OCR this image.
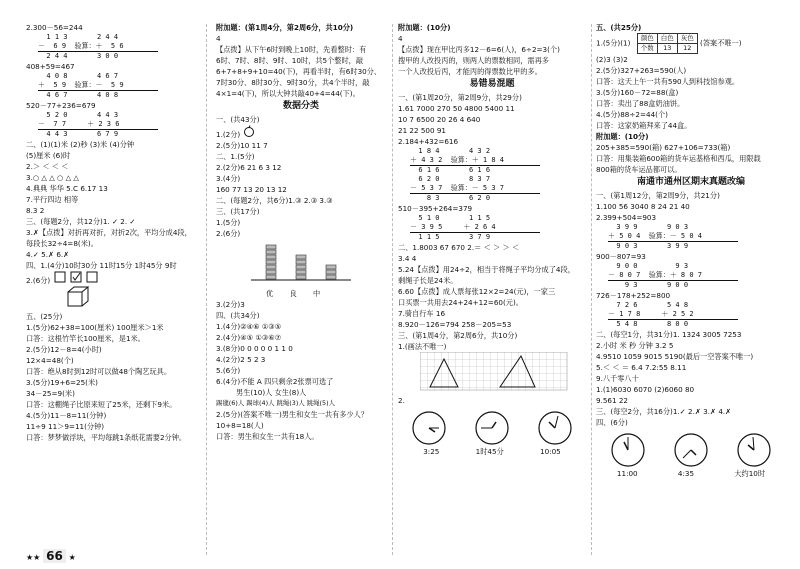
2.300－56=244
1 1 3       2 4 4
－  6 9  验算：＋  5 6
2 4 4       3 0 0
408+59=467
4 0 8       4 6 7
＋  5 9  验算：－  5 9
4 6 7       4 0 8
520－77+236=679
5 2 0       4 4 3
－  7 7     ＋ 2 3 6
4 4 3       6 7 9
二、(1)(1)米 (2)秒 (3)米 (4)分钟
(5)厘米 (6)时
2.＞ ＜ ＜ ＜
3.○ △ △ ○ △ △
4.典典 华华 5.C 6.17 13
7.平行四边 相等
8.3 2
三、(每题2分，共12分)1. ✓ 2. ✓
3.✗【点拨】对折再对折，对折2次，平均分成4段，
每段长32÷4=8(米)。
4.✓ 5.✗ 6.✗
四、1.(4分)10时30分 11时15分 1时45分 9时
2.(6分)
五、(25分)
1.(5分)62+38=100(厘米) 100厘米＞1米
口答：这根竹竿长100厘米，是1米。
2.(5分)12－8=4(小时)
12×4=48(个)
口答：绝从8时到12时可以做48个陶艺玩具。
3.(5分)19+6=25(米)
34－25=9(米)
口答：这棚绳子比原来短了25米，还剩下9米。
4.(5分)11－8=11(分钟)
11÷9 11＞9=11(分钟)
口答：梦梦做浮块，平均每跳1条纸花需要2分钟。
附加题：(第1周4分，第2周6分，共10分)
4
【点拨】从下午6时到晚上10时，先看整时：有
6时、7时、8时、9时、10时，共5个整时，敲
6+7+8+9+10=40(下)，再看半时，有6时30分、
7时30分、8时30分、9时30分，共4个半时，敲
4×1=4(下)，所以大钟共敲40+4=44(下)。
数据分类
一、(共43分)
1.(2分)
2.(5分)10 11 7
二、1.(5分)
2.(2分)6 21 6 3 12
3.(4分)
160 77 13 20 13 12
二、(每题2分，共6分)1.③ 2.③ 3.③
三、(共17分)
1.(5分)
2.(6分)
优 良 中
3.(2分)3
四、(共34分)
1.(4分)②④⑥ ①③⑤
2.(4分)④⑤ ①③⑥⑦
3.(8分)0 0 0 0 0 1 1 0
4.(2分)2 5 2 3
5.(6分)
6.(4分)不能 A 四只剩余2张票可选了
男生(10)人 女生(8)人
踢毽(6)人 踢球(4)人 跳绳(3)人 跳绳(5)人
2.(5分)(答案不唯一)男生和女生一共有多少人？
10+8=18(人)
口答：男生和女生一共有18人。
附加题：(10分)
4
【点拨】现在甲比丙多12－6=6(人)，6÷2=3(个)
搜甲的人改投丙的，则两人的票数相同，需再多
一个人改投后丙，才能丙的得票数比甲的多。
易错易混题
一、(第1周20分，第2周9分，共29分)
1.61 7000 270 50 4800 5400 11
10 7 6500 20 26 4 640
21 22 500 91
2.184+432=616
1 8 4       4 3 2
＋ 4 3 2  验算：＋ 1 8 4
6 1 6       6 1 6
6 2 0       8 3 7
－ 5 3 7  验算：－ 5 3 7
8 3       6 2 0
510－395+264=379
5 1 0       1 1 5
－ 3 9 5     ＋ 2 6 4
1 1 5       3 7 9
二、1.8003 67 670 2.＝ ＜ ＞ ＞ ＜
3.4 4
5.24【点拨】用24÷2，相当于将绳子平均分成了4段，
剩绳子长是24米。
6.60【点拨】成人票每张12×2=24(元)，一家三
口买票一共用去24+24+12=60(元)。
7.骑自行车 16
8.920－126=794 258－205=53
三、(第1周4分，第2周6分，共10分)
1.(画法不唯一)
2.
3:25 1时45分 10:05
五、(共25分)
1.(5分)(1) 颜色	白色	灰色
个数	13	12 (答案不唯一)
(2)3 (3)2
2.(5分)327+263=590(人)
口答：这天上午一共有590人到科技馆参观。
3.(5分)160－72=88(盒)
口答：卖出了88盒奶油饼。
4.(5分)88÷2=44(个)
口答：这家奶箱拜来了44盒。
附加题：(10分)
205+385=590(箱) 627+106=733(箱)
口答：用集装箱600箱的货车运基格和西瓜，用限载
800箱的货车运品都可以。
南通市通州区期末真题改编
一、(第1周12分，第2周9分，共21分)
1.100 56 3040 8 24 21 40
2.399+504=903
3 9 9       9 0 3
＋ 5 0 4  验算：－ 5 0 4
9 0 3       3 9 9
900－807=93
9 0 0         9 3
－ 8 0 7  验算：＋ 8 0 7
9 3       9 0 0
726－178+252=800
7 2 6       5 4 8
－ 1 7 8     ＋ 2 5 2
5 4 8       8 0 0
二、(每空1分，共31分)1. 1324 3005 7253
2.小时 米 秒 分钟 3.2 5
4.9510 1059 9015 5190(最后一空答案不唯一)
5.＜ ＜ ＝ 6.4 7.2:55 8.11
9.八千零八十
1.(1)6030 6070 (2)6060 80
9.561 22
三、(每空2分，共16分)1.✓ 2.✗ 3.✗ 4.✗
四、(6分)
11:00 4:35 大约10时
★★ 66 ★
